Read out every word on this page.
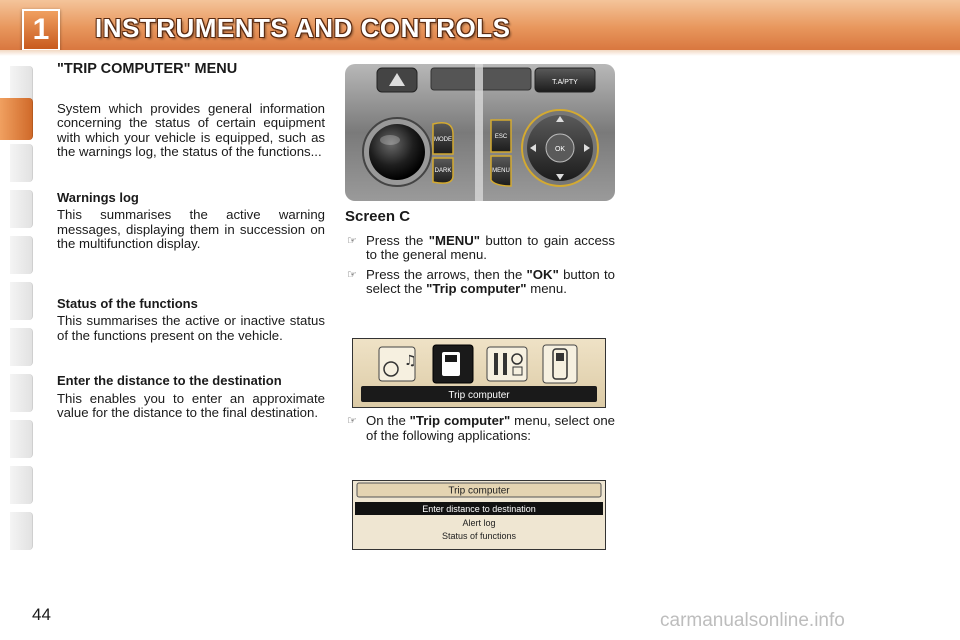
1	INSTRUMENTS AND CONTROLS
"TRIP COMPUTER" MENU

System which provides general information concerning the status of certain equipment with which your vehicle is equipped, such as the warnings log, the status of the functions...

Warnings log

This summarises the active warning messages, displaying them in succession on the multifunction display.

Status of the functions

This summarises the active or inactive status of the functions present on the vehicle.

Enter the distance to the destination

This enables you to enter an approximate value for the distance to the final destination.

T.A/PTY
MODE
DARK
ESC
MENU
OK
Screen C
☞ Press the "MENU" button to gain access to the general menu.
☞ Press the arrows, then the "OK" button to select the "Trip computer" menu.
♫
Trip computer
☞ On the "Trip computer" menu, select one of the following applications:
Trip computer
Enter distance to destination
Alert log
Status of functions
44	carmanualsonline.info
